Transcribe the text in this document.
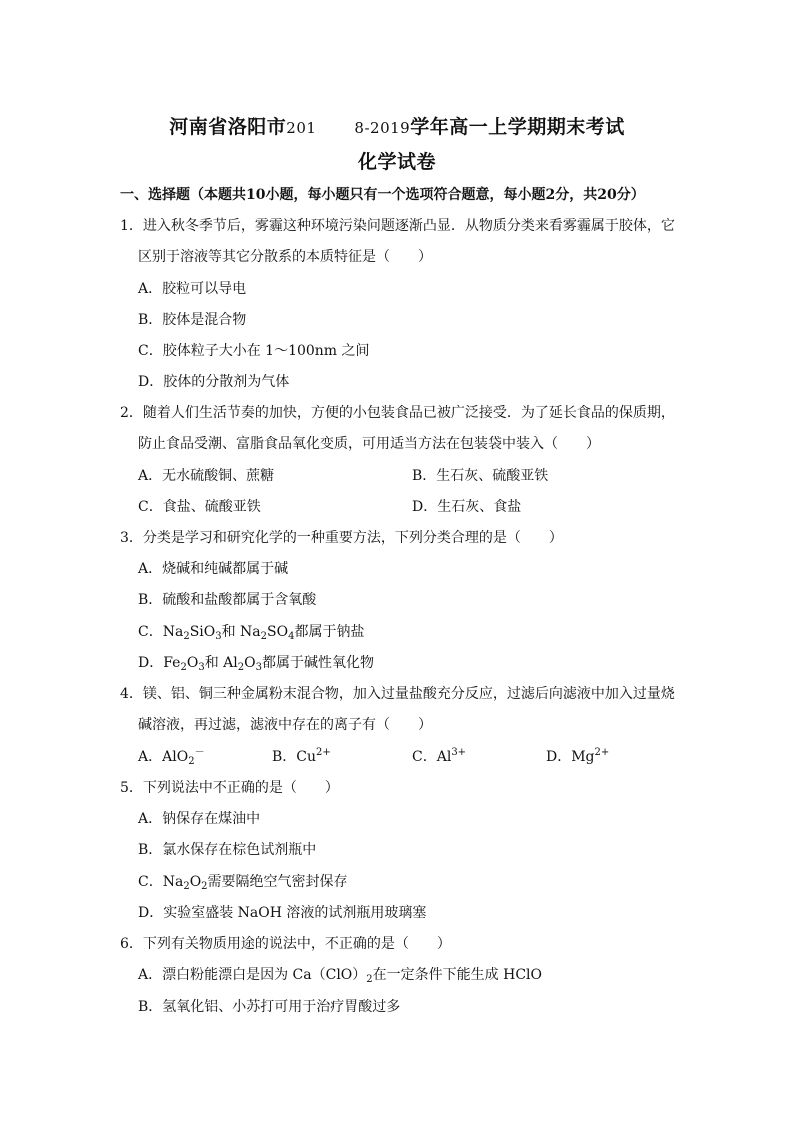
河南省洛阳市201	8-2019学年高一上学期期末考试
化学试卷
一、选择题（本题共10小题，每小题只有一个选项符合题意，每小题2分，共20分）
1．进入秋冬季节后，雾霾这种环境污染问题逐渐凸显．从物质分类来看雾霾属于胶体，它
区别于溶液等其它分散系的本质特征是（　　）
A．胶粒可以导电
B．胶体是混合物
C．胶体粒子大小在 1～100nm 之间
D．胶体的分散剂为气体
2．随着人们生活节奏的加快，方便的小包装食品已被广泛接受．为了延长食品的保质期，
防止食品受潮、富脂食品氧化变质，可用适当方法在包装袋中装入（　　）
A．无水硫酸铜、蔗糖	B．生石灰、硫酸亚铁
C．食盐、硫酸亚铁	D．生石灰、食盐
3．分类是学习和研究化学的一种重要方法，下列分类合理的是（　　）
A．烧碱和纯碱都属于碱
B．硫酸和盐酸都属于含氧酸
C．$Na_2SiO_3$和 $Na_2SO_4$都属于钠盐
D．$Fe_2O_3$和 $Al_2O_3$都属于碱性氧化物
4．镁、铝、铜三种金属粉末混合物，加入过量盐酸充分反应，过滤后向滤液中加入过量烧
碱溶液，再过滤，滤液中存在的离子有（　　）
A．AlO$_2$－	B．$Cu^{2+}$	C．$Al^{3+}$	D．$Mg^{2+}$
5．下列说法中不正确的是（　　）
A．钠保存在煤油中
B．氯水保存在棕色试剂瓶中
C．$Na_2O_2$需要隔绝空气密封保存
D．实验室盛装 NaOH 溶液的试剂瓶用玻璃塞
6．下列有关物质用途的说法中，不正确的是（　　）
A．漂白粉能漂白是因为 $Ca(ClO)_2$在一定条件下能生成 HClO
B．氢氧化铝、小苏打可用于治疗胃酸过多
